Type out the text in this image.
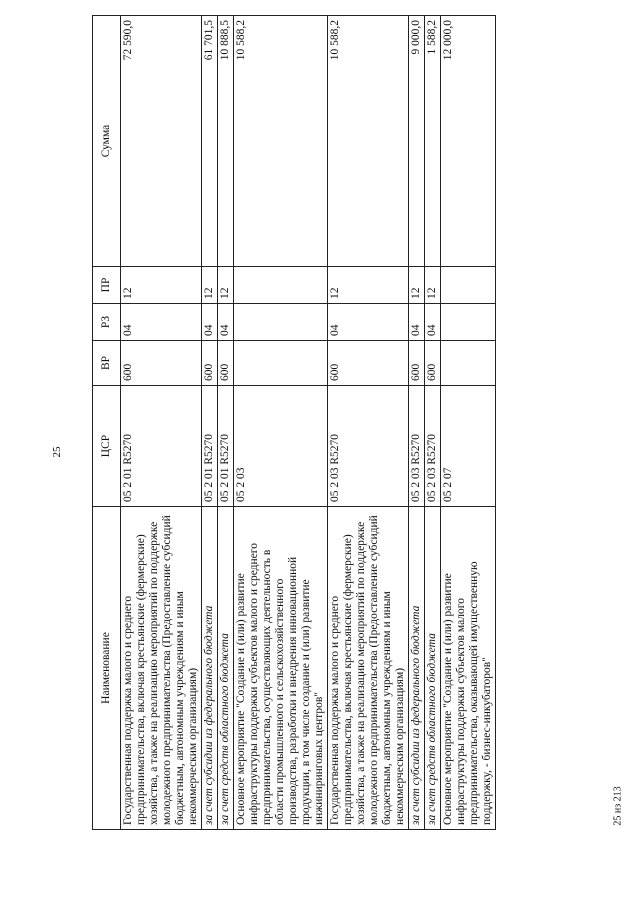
25
25 из 213
Наименование	ЦСР	ВР	РЗ	ПР	Сумма
Государственная поддержка малого и среднего предпринимательства, включая крестьянские (фермерские) хозяйства, а также на реализацию мероприятий по поддержке молодежного предпринимательства (Предоставление субсидий бюджетным, автономным учреждениям и иным некоммерческим организациям)	05 2 01 R5270	600	04	12	72 590,0
за счет субсидии из федерального бюджета	05 2 01 R5270	600	04	12	61 701,5
за счет средств областного бюджета	05 2 01 R5270	600	04	12	10 888,5
Основное мероприятие "Создание и (или) развитие инфраструктуры поддержки субъектов малого и среднего предпринимательства, осуществляющих деятельность в области промышленного и сельскохозяйственного производства, разработки и внедрения инновационной продукции, в том числе создание и (или) развитие инжиниринговых центров"	05 2 03				10 588,2
Государственная поддержка малого и среднего предпринимательства, включая крестьянские (фермерские) хозяйства, а также на реализацию мероприятий по поддержке молодежного предпринимательства (Предоставление субсидий бюджетным, автономным учреждениям и иным некоммерческим организациям)	05 2 03 R5270	600	04	12	10 588,2
за счет субсидии из федерального бюджета	05 2 03 R5270	600	04	12	9 000,0
за счет средств областного бюджета	05 2 03 R5270	600	04	12	1 588,2
Основное мероприятие "Создание и (или) развитие инфраструктуры поддержки субъектов малого предпринимательства, оказывающей имущественную поддержку, - бизнес-инкубаторов"	05 2 07				12 000,0
